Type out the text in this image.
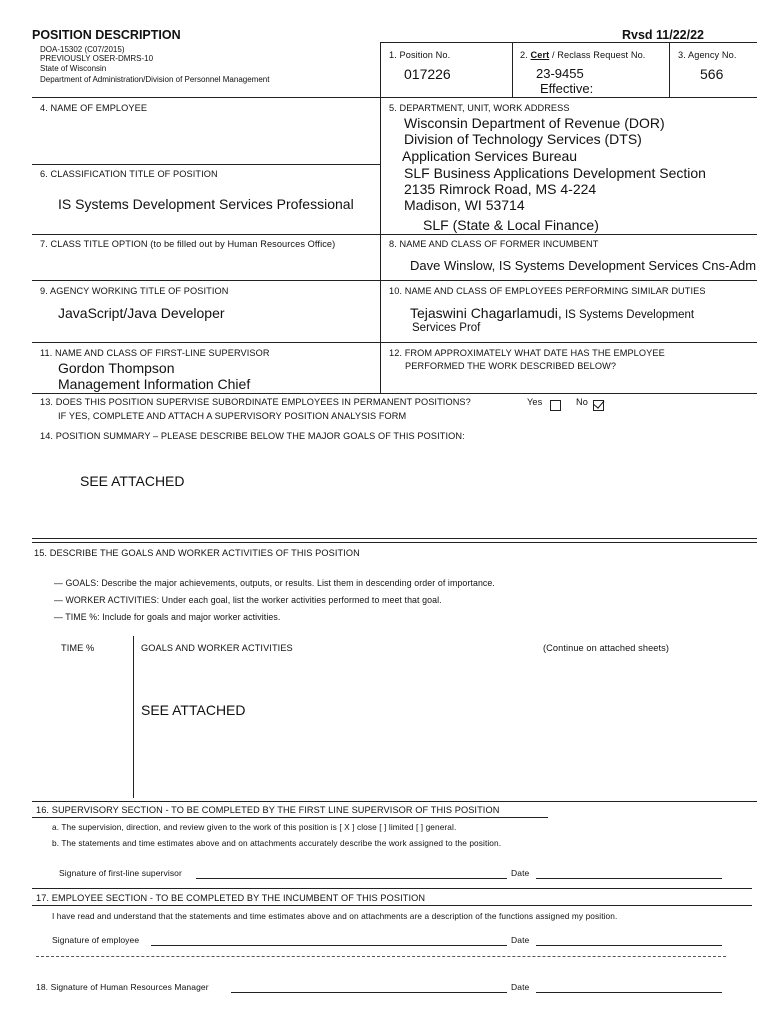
POSITION DESCRIPTION	Rvsd 11/22/22
DOA-15302 (C07/2015)
PREVIOUSLY OSER-DMRS-10
State of Wisconsin
Department of Administration/Division of Personnel Management
1. Position No.
017226
2. Cert / Reclass Request No.
23-9455
Effective:
3. Agency No.
566
4. NAME OF EMPLOYEE	5. DEPARTMENT, UNIT, WORK ADDRESS
Wisconsin Department of Revenue (DOR)
Division of Technology Services (DTS)
Application Services Bureau
SLF Business Applications Development Section
2135 Rimrock Road, MS 4-224
Madison, WI 53714
SLF (State & Local Finance)
6. CLASSIFICATION TITLE OF POSITION
IS Systems Development Services Professional
7. CLASS TITLE OPTION (to be filled out by Human Resources Office)	8. NAME AND CLASS OF FORMER INCUMBENT
Dave Winslow, IS Systems Development Services Cns-Adm
9. AGENCY WORKING TITLE OF POSITION
JavaScript/Java Developer
10. NAME AND CLASS OF EMPLOYEES PERFORMING SIMILAR DUTIES
Tejaswini Chagarlamudi, IS Systems Development
Services Prof
11. NAME AND CLASS OF FIRST-LINE SUPERVISOR
Gordon Thompson
Management Information Chief
12. FROM APPROXIMATELY WHAT DATE HAS THE EMPLOYEE
PERFORMED THE WORK DESCRIBED BELOW?
13. DOES THIS POSITION SUPERVISE SUBORDINATE EMPLOYEES IN PERMANENT POSITIONS?	Yes	No
IF YES, COMPLETE AND ATTACH A SUPERVISORY POSITION ANALYSIS FORM
14. POSITION SUMMARY – PLEASE DESCRIBE BELOW THE MAJOR GOALS OF THIS POSITION:
SEE ATTACHED
15. DESCRIBE THE GOALS AND WORKER ACTIVITIES OF THIS POSITION
— GOALS: Describe the major achievements, outputs, or results. List them in descending order of importance.
— WORKER ACTIVITIES: Under each goal, list the worker activities performed to meet that goal.
— TIME %: Include for goals and major worker activities.
TIME %	GOALS AND WORKER ACTIVITIES	(Continue on attached sheets)
SEE ATTACHED
16. SUPERVISORY SECTION - TO BE COMPLETED BY THE FIRST LINE SUPERVISOR OF THIS POSITION
a. The supervision, direction, and review given to the work of this position is [ X ] close [ ] limited [ ] general.
b. The statements and time estimates above and on attachments accurately describe the work assigned to the position.
Signature of first-line supervisor	Date
17. EMPLOYEE SECTION - TO BE COMPLETED BY THE INCUMBENT OF THIS POSITION
I have read and understand that the statements and time estimates above and on attachments are a description of the functions assigned my position.
Signature of employee	Date
18. Signature of Human Resources Manager	Date
